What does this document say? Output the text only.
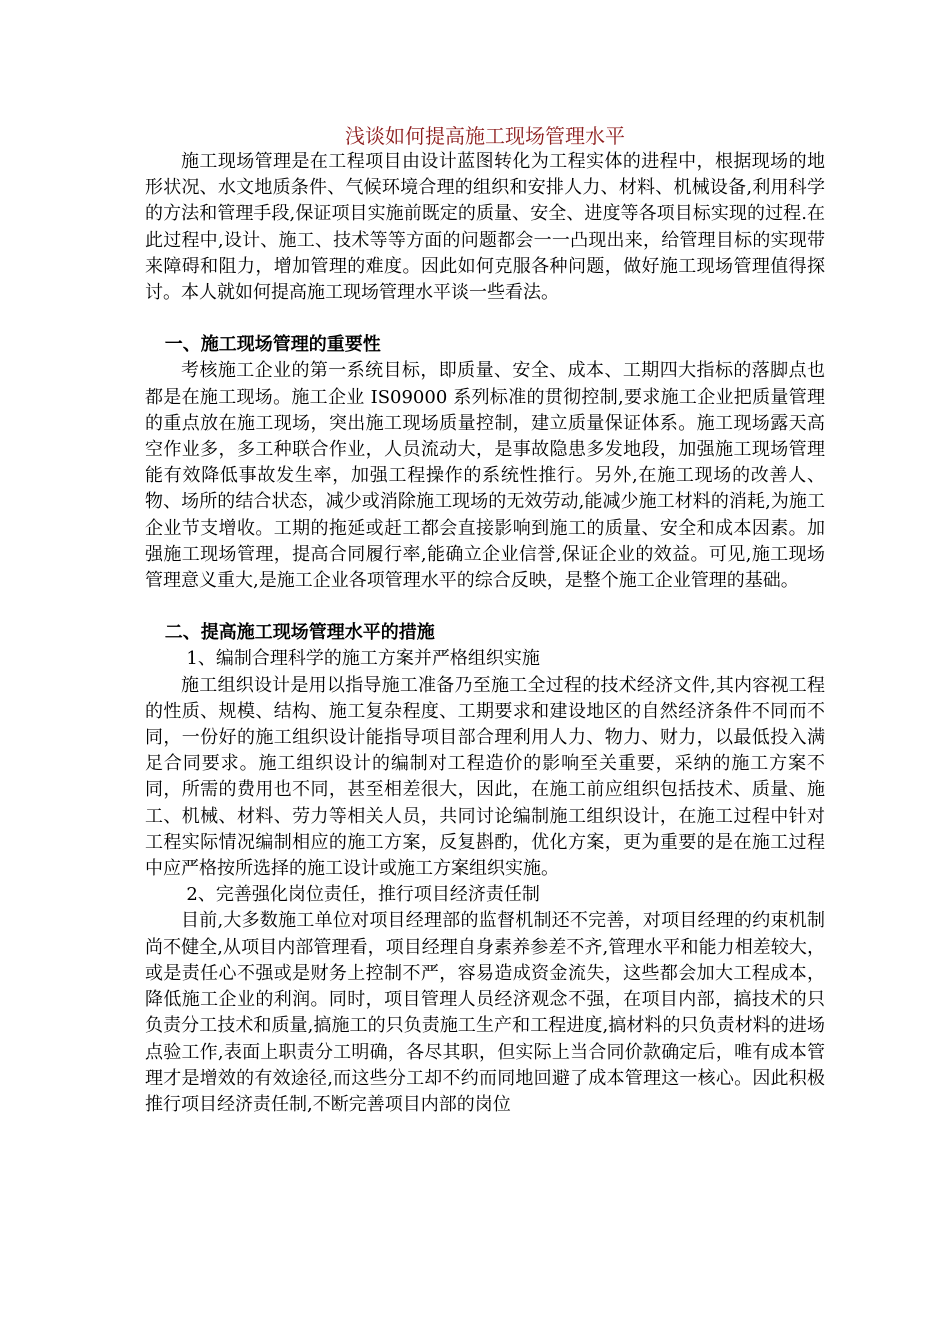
浅谈如何提高施工现场管理水平

施工现场管理是在工程项目由设计蓝图转化为工程实体的进程中，根据现场的地形状况、水文地质条件、气候环境合理的组织和安排人力、材料、机械设备,利用科学的方法和管理手段,保证项目实施前既定的质量、安全、进度等各项目标实现的过程.在此过程中,设计、施工、技术等等方面的问题都会一一凸现出来，给管理目标的实现带来障碍和阻力，增加管理的难度。因此如何克服各种问题，做好施工现场管理值得探讨。本人就如何提高施工现场管理水平谈一些看法。

一、施工现场管理的重要性

考核施工企业的第一系统目标，即质量、安全、成本、工期四大指标的落脚点也都是在施工现场。施工企业 IS09000 系列标准的贯彻控制,要求施工企业把质量管理的重点放在施工现场，突出施工现场质量控制，建立质量保证体系。施工现场露天高空作业多，多工种联合作业，人员流动大，是事故隐患多发地段，加强施工现场管理能有效降低事故发生率，加强工程操作的系统性推行。另外,在施工现场的改善人、物、场所的结合状态，减少或消除施工现场的无效劳动,能减少施工材料的消耗,为施工企业节支增收。工期的拖延或赶工都会直接影响到施工的质量、安全和成本因素。加强施工现场管理，提高合同履行率,能确立企业信誉,保证企业的效益。可见,施工现场管理意义重大,是施工企业各项管理水平的综合反映，是整个施工企业管理的基础。

二、提高施工现场管理水平的措施

1、编制合理科学的施工方案并严格组织实施

施工组织设计是用以指导施工准备乃至施工全过程的技术经济文件,其内容视工程的性质、规模、结构、施工复杂程度、工期要求和建设地区的自然经济条件不同而不同，一份好的施工组织设计能指导项目部合理利用人力、物力、财力，以最低投入满足合同要求。施工组织设计的编制对工程造价的影响至关重要，采纳的施工方案不同，所需的费用也不同，甚至相差很大，因此，在施工前应组织包括技术、质量、施工、机械、材料、劳力等相关人员，共同讨论编制施工组织设计，在施工过程中针对工程实际情况编制相应的施工方案，反复斟酌，优化方案，更为重要的是在施工过程中应严格按所选择的施工设计或施工方案组织实施。

2、完善强化岗位责任，推行项目经济责任制

目前,大多数施工单位对项目经理部的监督机制还不完善，对项目经理的约束机制尚不健全,从项目内部管理看，项目经理自身素养参差不齐,管理水平和能力相差较大，或是责任心不强或是财务上控制不严，容易造成资金流失，这些都会加大工程成本，降低施工企业的利润。同时，项目管理人员经济观念不强，在项目内部，搞技术的只负责分工技术和质量,搞施工的只负责施工生产和工程进度,搞材料的只负责材料的进场点验工作,表面上职责分工明确，各尽其职，但实际上当合同价款确定后，唯有成本管理才是增效的有效途径,而这些分工却不约而同地回避了成本管理这一核心。因此积极推行项目经济责任制,不断完善项目内部的岗位
